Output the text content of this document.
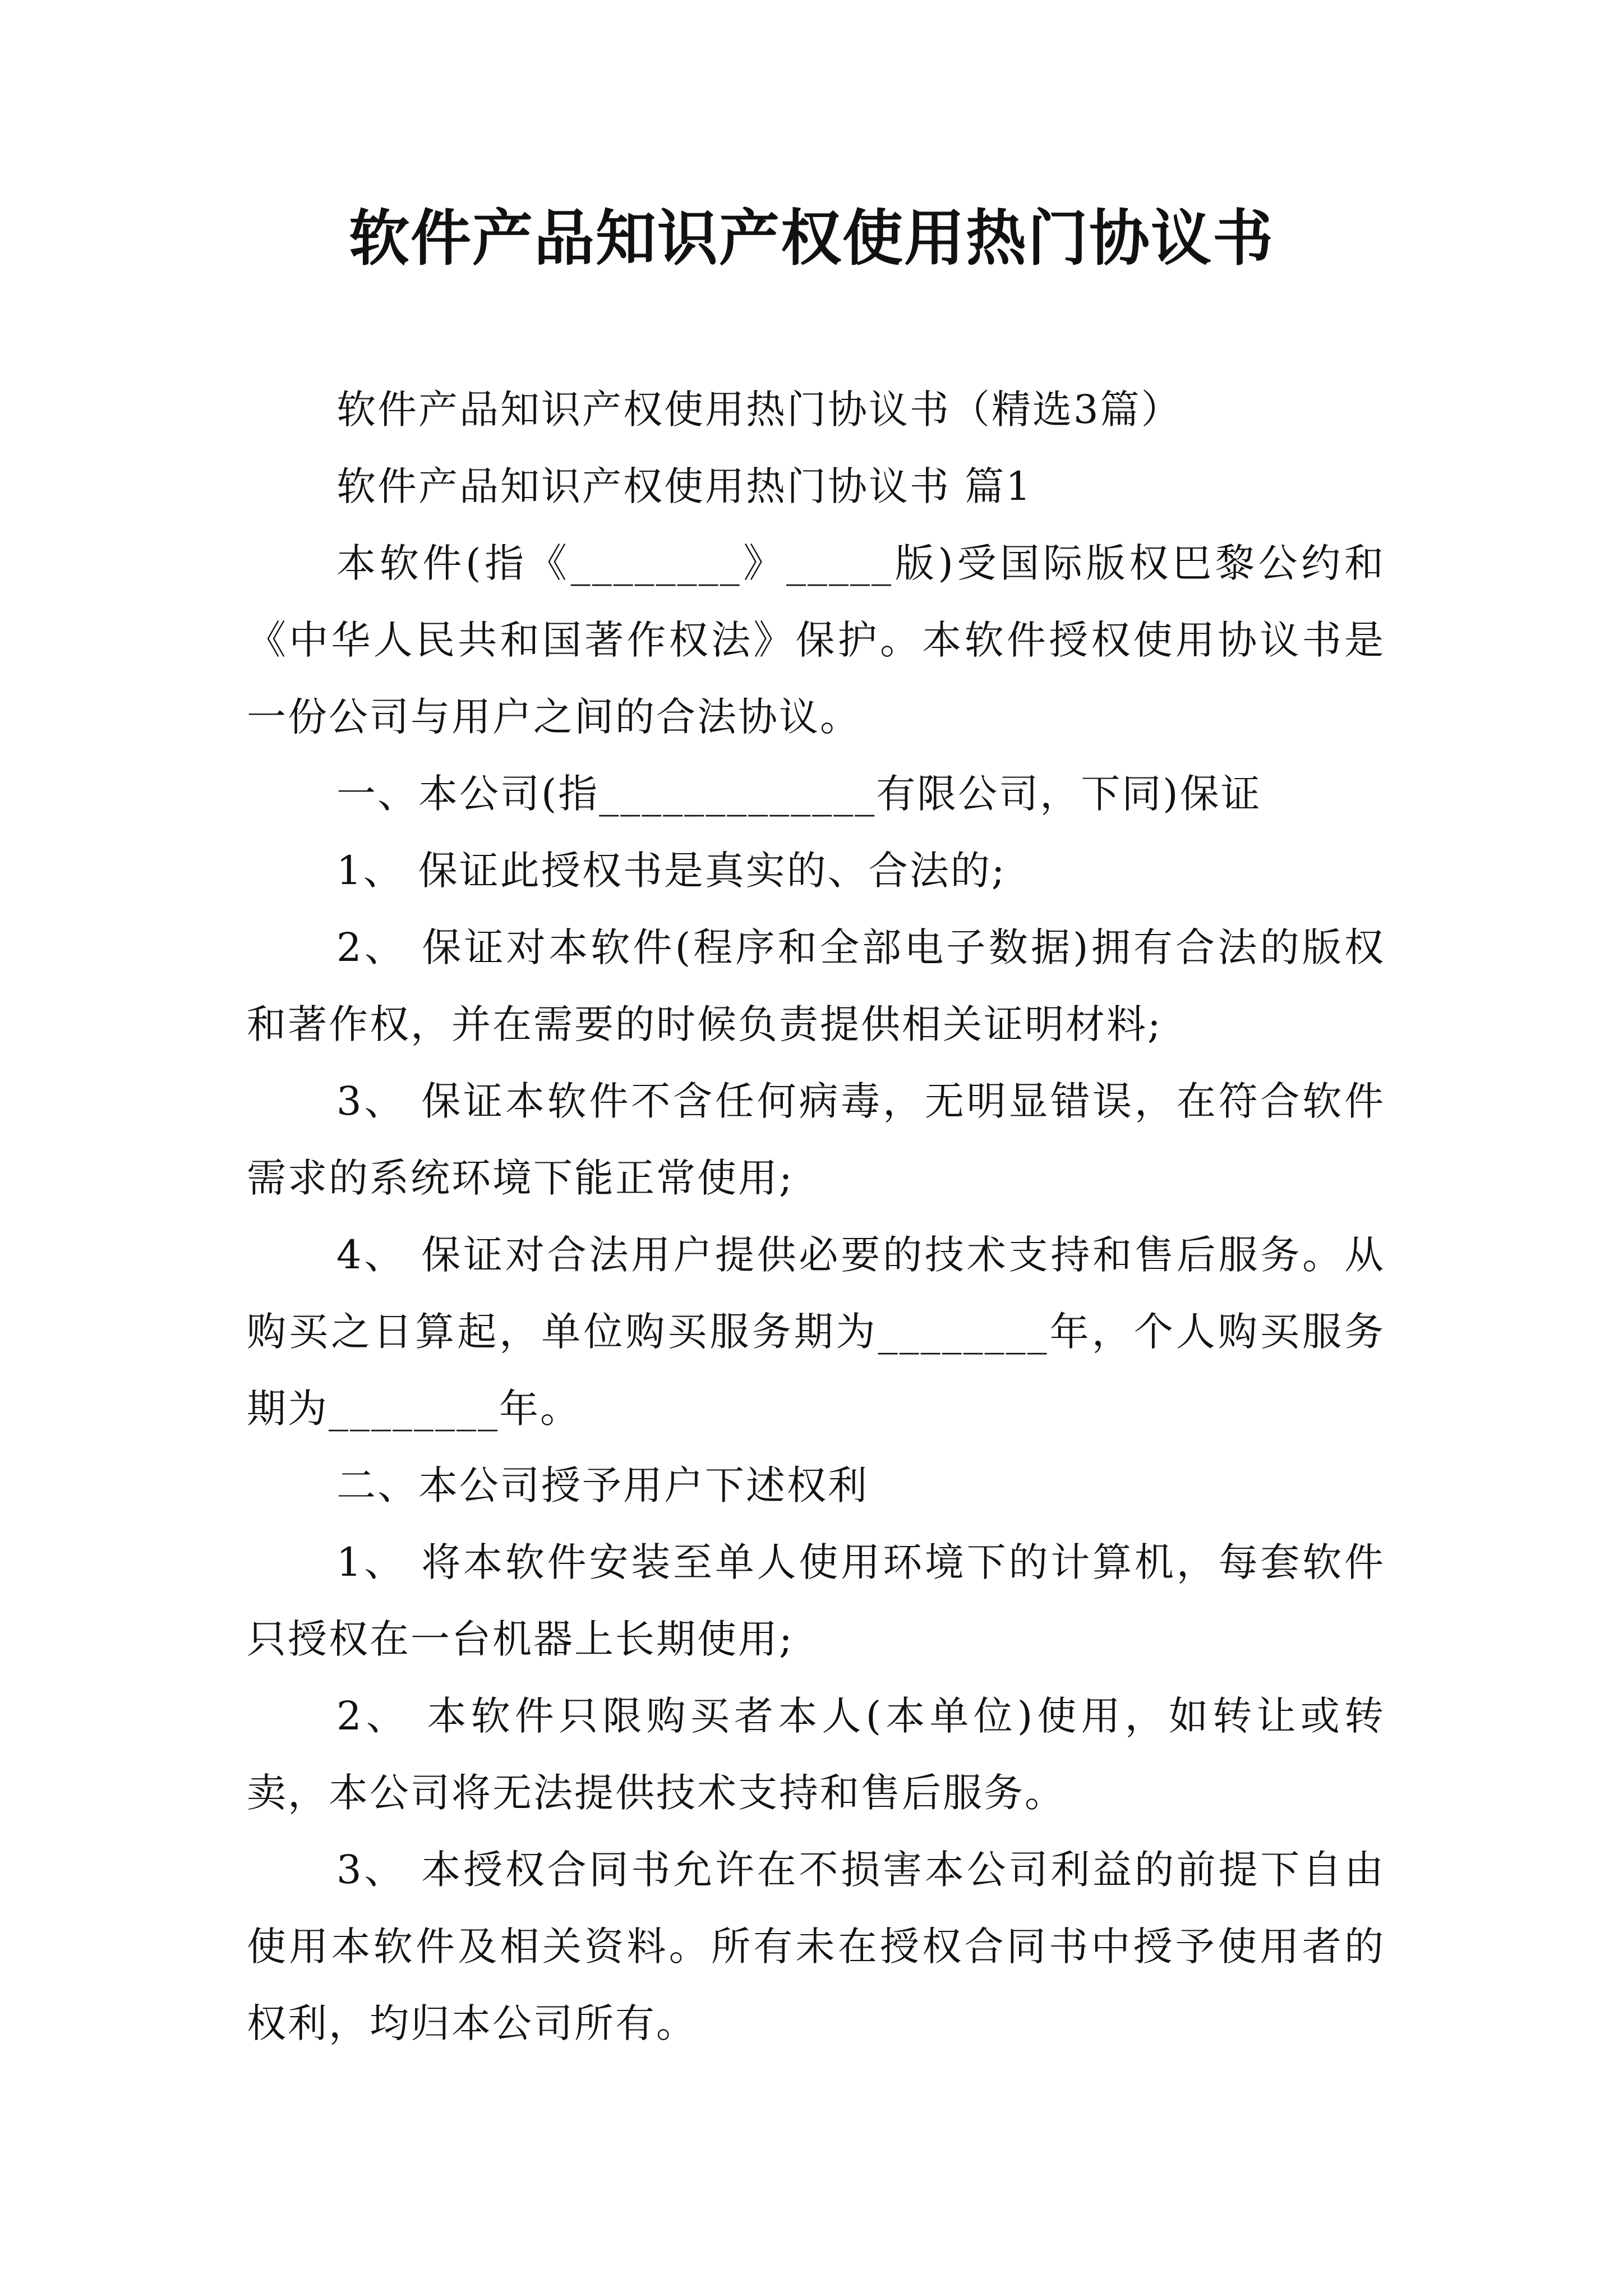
软件产品知识产权使用热门协议书

软件产品知识产权使用热门协议书（精选3篇）

软件产品知识产权使用热门协议书 篇1

本软件(指《________》_____版)受国际版权巴黎公约和《中华人民共和国著作权法》保护。本软件授权使用协议书是一份公司与用户之间的合法协议。

一、本公司(指_____________有限公司，下同)保证

1、 保证此授权书是真实的、合法的;

2、 保证对本软件(程序和全部电子数据)拥有合法的版权和著作权，并在需要的时候负责提供相关证明材料;

3、 保证本软件不含任何病毒，无明显错误，在符合软件需求的系统环境下能正常使用;

4、 保证对合法用户提供必要的技术支持和售后服务。从购买之日算起，单位购买服务期为________年，个人购买服务期为________年。

二、本公司授予用户下述权利

1、 将本软件安装至单人使用环境下的计算机，每套软件只授权在一台机器上长期使用;

2、 本软件只限购买者本人(本单位)使用，如转让或转卖，本公司将无法提供技术支持和售后服务。

3、 本授权合同书允许在不损害本公司利益的前提下自由使用本软件及相关资料。所有未在授权合同书中授予使用者的权利，均归本公司所有。
